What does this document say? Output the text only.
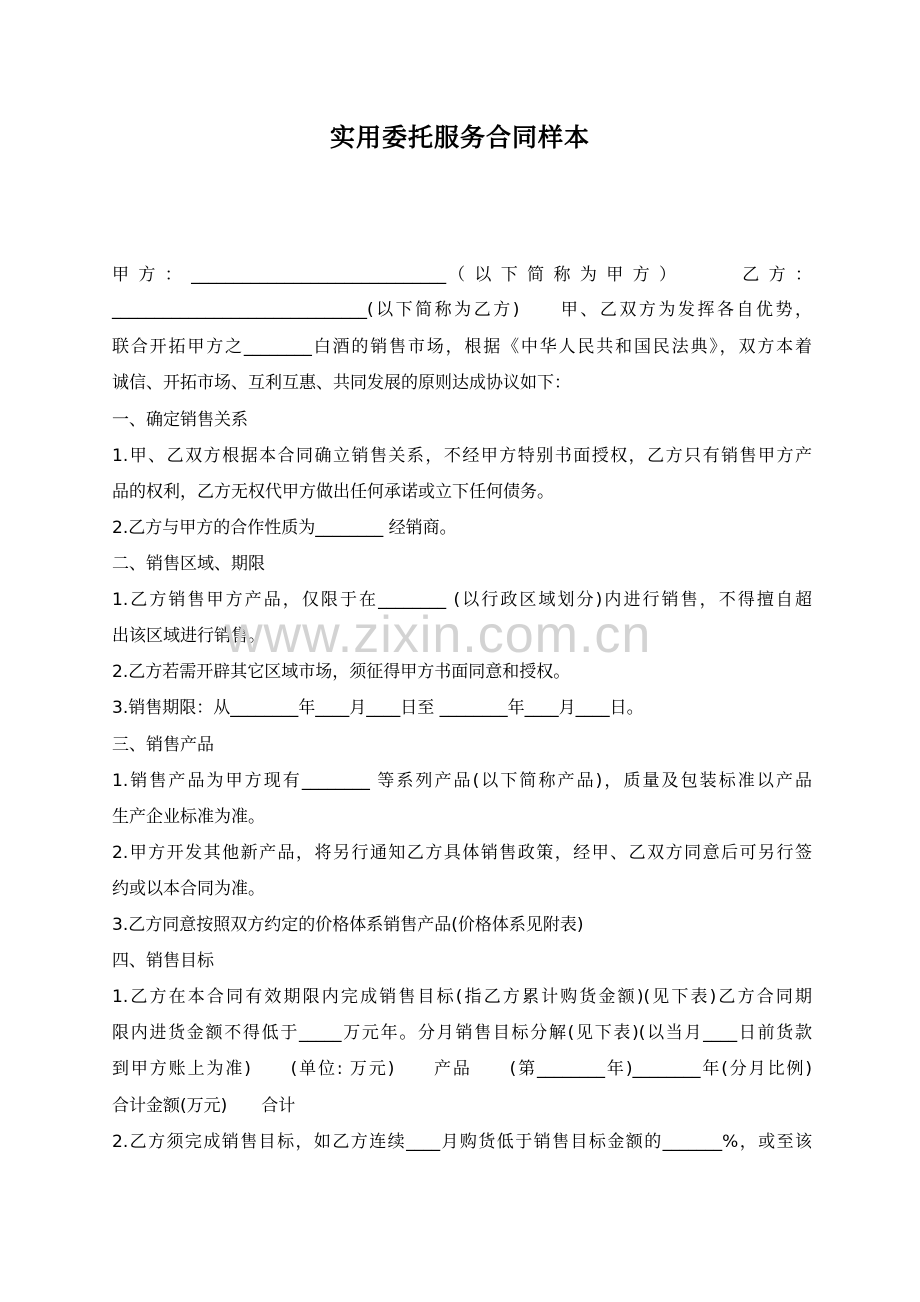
实用委托服务合同样本
甲 方 ： ______________________________（ 以 下 简 称 为 甲 方 ） 　　　乙 方 ：
______________________________(以下简称为乙方)　　甲、乙双方为发挥各自优势，
联合开拓甲方之________白酒的销售市场，根据《中华人民共和国民法典》，双方本着
诚信、开拓市场、互利互惠、共同发展的原则达成协议如下：
一、确定销售关系
1.甲、乙双方根据本合同确立销售关系，不经甲方特别书面授权，乙方只有销售甲方产
品的权利，乙方无权代甲方做出任何承诺或立下任何债务。
2.乙方与甲方的合作性质为________ 经销商。
二、销售区域、期限
1.乙方销售甲方产品，仅限于在________ (以行政区域划分)内进行销售，不得擅自超
出该区域进行销售。
2.乙方若需开辟其它区域市场，须征得甲方书面同意和授权。
3.销售期限：从________年____月____日至 ________年____月____日。
三、销售产品
1.销售产品为甲方现有________ 等系列产品(以下简称产品)，质量及包装标准以产品
生产企业标准为准。
2.甲方开发其他新产品，将另行通知乙方具体销售政策，经甲、乙双方同意后可另行签
约或以本合同为准。
3.乙方同意按照双方约定的价格体系销售产品(价格体系见附表)
四、销售目标
1.乙方在本合同有效期限内完成销售目标(指乙方累计购货金额)(见下表)乙方合同期
限内进货金额不得低于_____万元年。分月销售目标分解(见下表)(以当月____日前货款
到甲方账上为准)　　(单位: 万元)　　产品　　(第________年)________年(分月比例)
合计金额(万元)　　合计
2.乙方须完成销售目标，如乙方连续____月购货低于销售目标金额的_______%，或至该
www.zixin.com.cn
